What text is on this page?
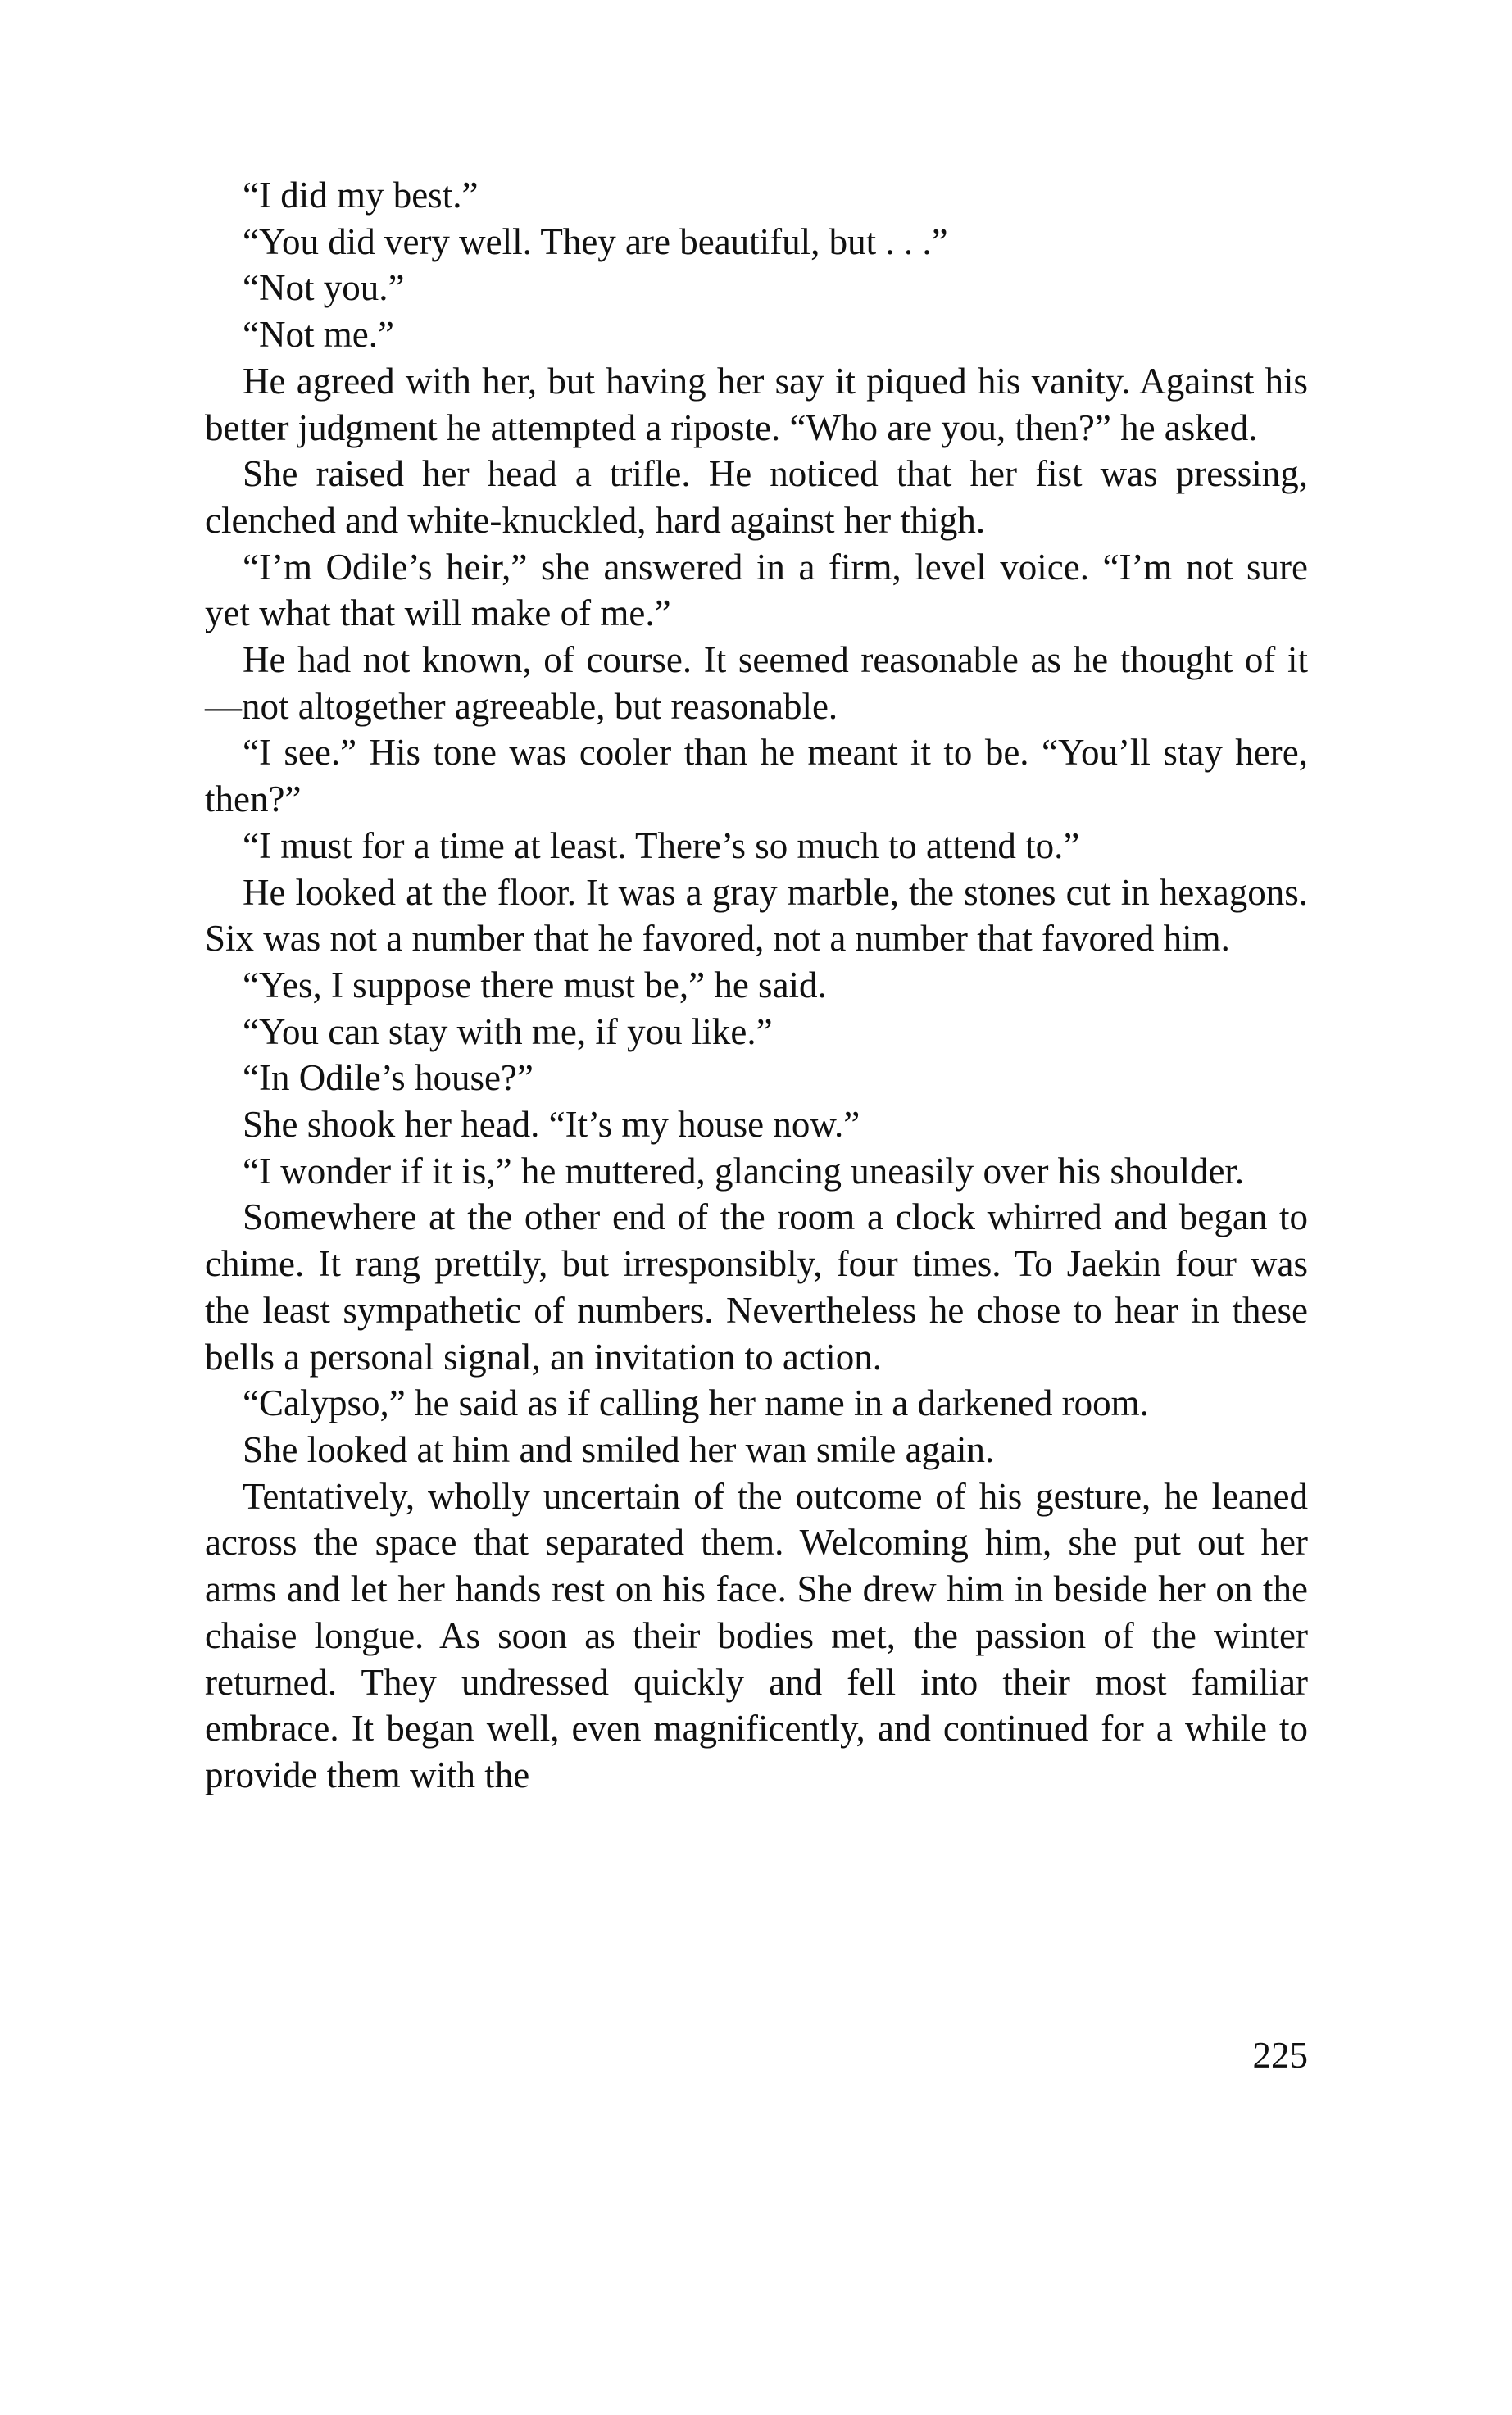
“I did my best.”

“You did very well. They are beautiful, but . . .”

“Not you.”

“Not me.”

He agreed with her, but having her say it piqued his vanity. Against his better judgment he attempted a riposte. “Who are you, then?” he asked.

She raised her head a trifle. He noticed that her fist was pressing, clenched and white-knuckled, hard against her thigh.

“I’m Odile’s heir,” she answered in a firm, level voice. “I’m not sure yet what that will make of me.”

He had not known, of course. It seemed reasonable as he thought of it—not altogether agreeable, but reasonable.

“I see.” His tone was cooler than he meant it to be. “You’ll stay here, then?”

“I must for a time at least. There’s so much to attend to.”

He looked at the floor. It was a gray marble, the stones cut in hexagons. Six was not a number that he favored, not a number that favored him.

“Yes, I suppose there must be,” he said.

“You can stay with me, if you like.”

“In Odile’s house?”

She shook her head. “It’s my house now.”

“I wonder if it is,” he muttered, glancing uneasily over his shoulder.

Somewhere at the other end of the room a clock whirred and began to chime. It rang prettily, but irresponsibly, four times. To Jaekin four was the least sympathetic of numbers. Nevertheless he chose to hear in these bells a personal signal, an invitation to action.

“Calypso,” he said as if calling her name in a darkened room.

She looked at him and smiled her wan smile again.

Tentatively, wholly uncertain of the outcome of his gesture, he leaned across the space that separated them. Welcoming him, she put out her arms and let her hands rest on his face. She drew him in beside her on the chaise longue. As soon as their bodies met, the passion of the winter returned. They undressed quickly and fell into their most familiar embrace. It began well, even magnificently, and continued for a while to provide them with the

225
